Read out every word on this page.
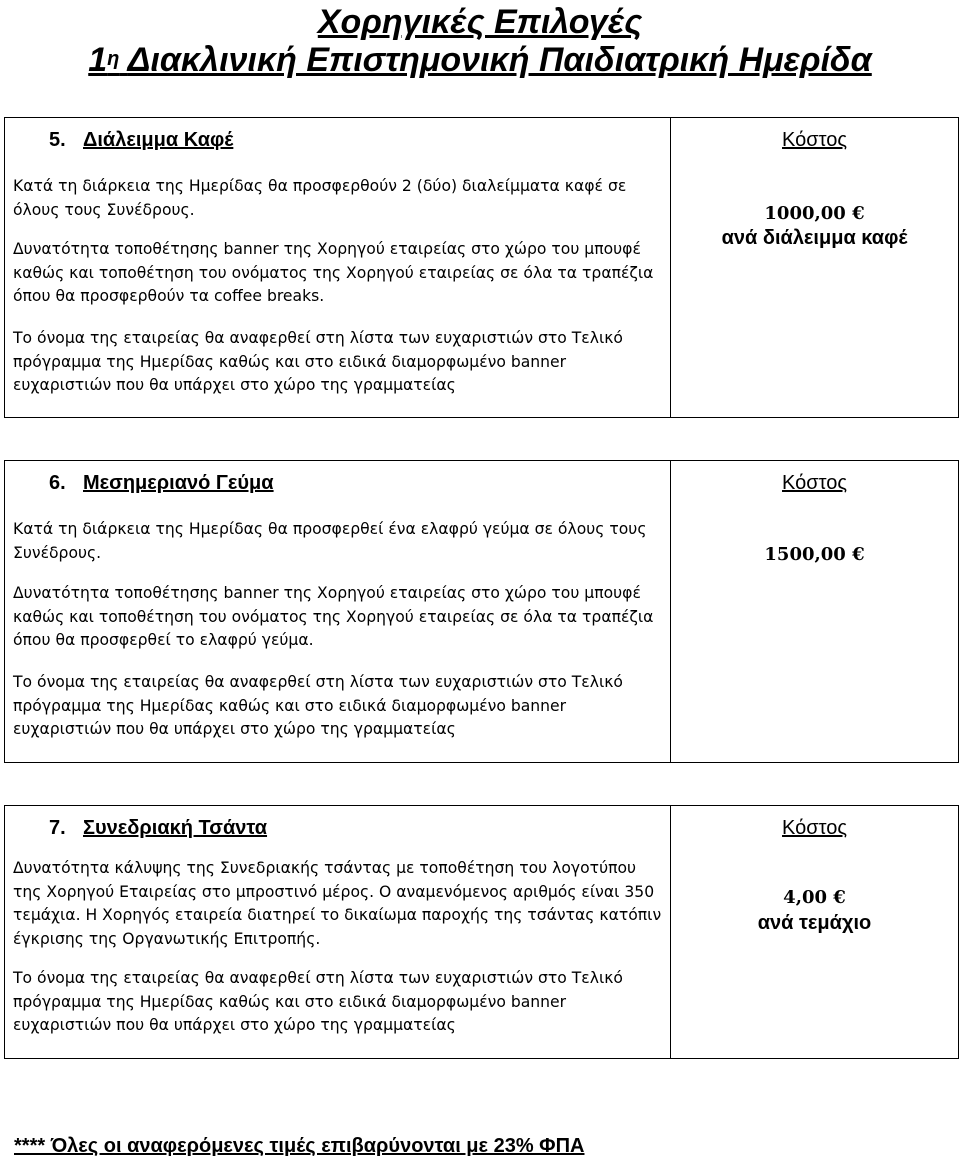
Χορηγικές Επιλογές
$1^\eta$ Διακλινική Επιστημονική Παιδιατρική Ημερίδα
5. Διάλειμμα Καφέ
Κατά τη διάρκεια της Ημερίδας θα προσφερθούν 2 (δύο) διαλείμματα καφέ σε όλους τους Συνέδρους.
Δυνατότητα τοποθέτησης banner της Χορηγού εταιρείας στο χώρο του μπουφέ καθώς και τοποθέτηση του ονόματος της Χορηγού εταιρείας σε όλα τα τραπέζια όπου θα προσφερθούν τα coffee breaks.
Το όνομα της εταιρείας θα αναφερθεί στη λίστα των ευχαριστιών στο Τελικό πρόγραμμα της Ημερίδας καθώς και στο ειδικά διαμορφωμένο banner ευχαριστιών που θα υπάρχει στο χώρο της γραμματείας
Κόστος
1000,00 €
ανά διάλειμμα καφέ
6. Μεσημεριανό Γεύμα
Κατά τη διάρκεια της Ημερίδας θα προσφερθεί ένα ελαφρύ γεύμα σε όλους τους Συνέδρους.
Δυνατότητα τοποθέτησης banner της Χορηγού εταιρείας στο χώρο του μπουφέ καθώς και τοποθέτηση του ονόματος της Χορηγού εταιρείας σε όλα τα τραπέζια όπου θα προσφερθεί το ελαφρύ γεύμα.
Το όνομα της εταιρείας θα αναφερθεί στη λίστα των ευχαριστιών στο Τελικό πρόγραμμα της Ημερίδας καθώς και στο ειδικά διαμορφωμένο banner ευχαριστιών που θα υπάρχει στο χώρο της γραμματείας
Κόστος
1500,00 €
7. Συνεδριακή Τσάντα
Δυνατότητα κάλυψης της Συνεδριακής τσάντας με τοποθέτηση του λογοτύπου της Χορηγού Εταιρείας στο μπροστινό μέρος. Ο αναμενόμενος αριθμός είναι 350 τεμάχια. Η Χορηγός εταιρεία διατηρεί το δικαίωμα παροχής της τσάντας κατόπιν έγκρισης της Οργανωτικής Επιτροπής.
Το όνομα της εταιρείας θα αναφερθεί στη λίστα των ευχαριστιών στο Τελικό πρόγραμμα της Ημερίδας καθώς και στο ειδικά διαμορφωμένο banner ευχαριστιών που θα υπάρχει στο χώρο της γραμματείας
Κόστος
4,00 €
ανά τεμάχιο
**** Όλες οι αναφερόμενες τιμές επιβαρύνονται με 23% ΦΠΑ
